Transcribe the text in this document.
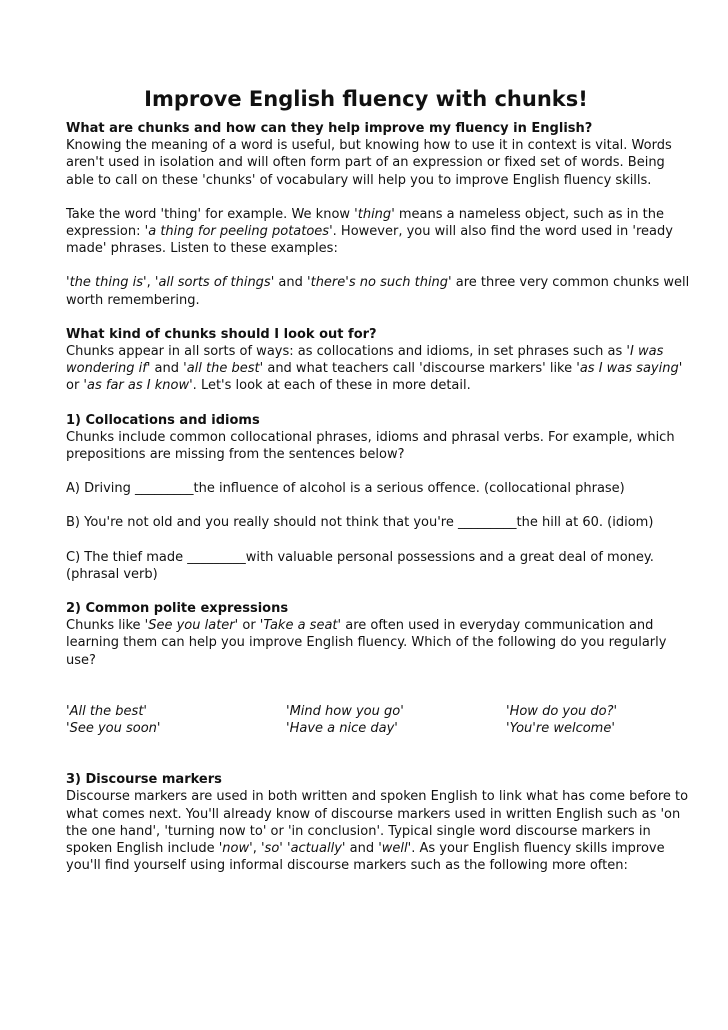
Improve English fluency with chunks!

What are chunks and how can they help improve my fluency in English?

Knowing the meaning of a word is useful, but knowing how to use it in context is vital. Words aren't used in isolation and will often form part of an expression or fixed set of words. Being able to call on these 'chunks' of vocabulary will help you to improve English fluency skills.

Take the word 'thing' for example. We know 'thing' means a nameless object, such as in the expression: 'a thing for peeling potatoes'. However, you will also find the word used in 'ready made' phrases. Listen to these examples:
'the thing is', 'all sorts of things' and 'there's no such thing' are three very common chunks well worth remembering.

What kind of chunks should I look out for?

Chunks appear in all sorts of ways: as collocations and idioms, in set phrases such as 'I was wondering if' and 'all the best' and what teachers call 'discourse markers' like 'as I was saying' or 'as far as I know'. Let's look at each of these in more detail.

1) Collocations and idioms

Chunks include common collocational phrases, idioms and phrasal verbs. For example, which prepositions are missing from the sentences below?

A) Driving _________the influence of alcohol is a serious offence. (collocational phrase)
B) You're not old and you really should not think that you're _________the hill at 60. (idiom)
C) The thief made _________with valuable personal possessions and a great deal of money. (phrasal verb)

2) Common polite expressions

Chunks like 'See you later' or 'Take a seat' are often used in everyday communication and learning them can help you improve English fluency. Which of the following do you regularly use?

'All the best'	'Mind how you go'	'How do you do?'
'See you soon'	'Have a nice day'	'You're welcome'

3) Discourse markers

Discourse markers are used in both written and spoken English to link what has come before to what comes next. You'll already know of discourse markers used in written English such as 'on the one hand', 'turning now to' or 'in conclusion'. Typical single word discourse markers in spoken English include 'now', 'so' 'actually' and 'well'. As your English fluency skills improve you'll find yourself using informal discourse markers such as the following more often:
